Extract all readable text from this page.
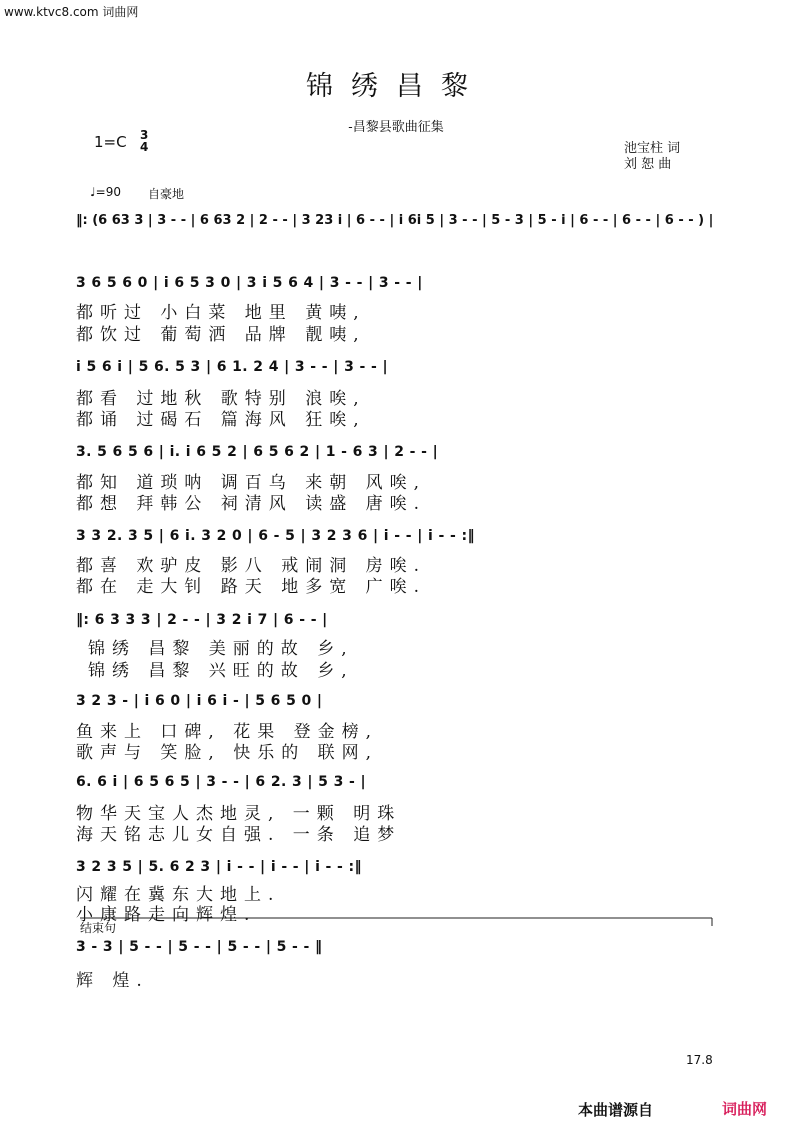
www.ktvc8.com 词曲网
锦绣昌黎
-昌黎县歌曲征集
1=C 3
4	池宝柱 词
刘 恕 曲
♩=90 自豪地
‖: (6 63 3 | 3 - - | 6 63 2 | 2 - - | 3 23 i | 6 - - | i 6i 5 | 3 - - | 5 - 3 | 5 - i | 6 - - | 6 - - | 6 - - ) |
3 6 5 6 0 | i 6 5 3 0 | 3 i 5 6 4 | 3 - - | 3 - - |
都听过 小白菜 地里 黄咦,
都饮过 葡萄洒 品牌 靓咦,
i 5 6 i | 5 6. 5 3 | 6 1. 2 4 | 3 - - | 3 - - |
都看 过地秋 歌特别 浪唉,
都诵 过碣石 篇海风 狂唉,
3. 5 6 5 6 | i. i 6 5 2 | 6 5 6 2 | 1 - 6 3 | 2 - - |
都知 道琐呐 调百乌 来朝 风唉,
都想 拜韩公 祠清风 读盛 唐唉.
3 3 2. 3 5 | 6 i. 3 2 0 | 6 - 5 | 3 2 3 6 | i - - | i - - :‖
都喜 欢驴皮 影八 戒闹洞 房唉.
都在 走大钊 路天 地多宽 广唉.
‖: 6 3 3 3 | 2 - - | 3 2 i 7 | 6 - - |
锦绣 昌黎 美丽的故 乡,
锦绣 昌黎 兴旺的故 乡,
3 2 3 - | i 6 0 | i 6 i - | 5 6 5 0 |
鱼来上 口碑, 花果 登金榜,
歌声与 笑脸, 快乐的 联网,
6. 6 i | 6 5 6 5 | 3 - - | 6 2. 3 | 5 3 - |
物华天宝人杰地灵, 一颗 明珠
海天铭志儿女自强. 一条 追梦
3 2 3 5 | 5. 6 2 3 | i - - | i - - | i - - :‖
闪耀在冀东大地上.
小康路走向辉煌.
结束句
3 - 3 | 5 - - | 5 - - | 5 - - | 5 - - ‖
辉 煌.
17.8
本曲谱源自	词曲网
